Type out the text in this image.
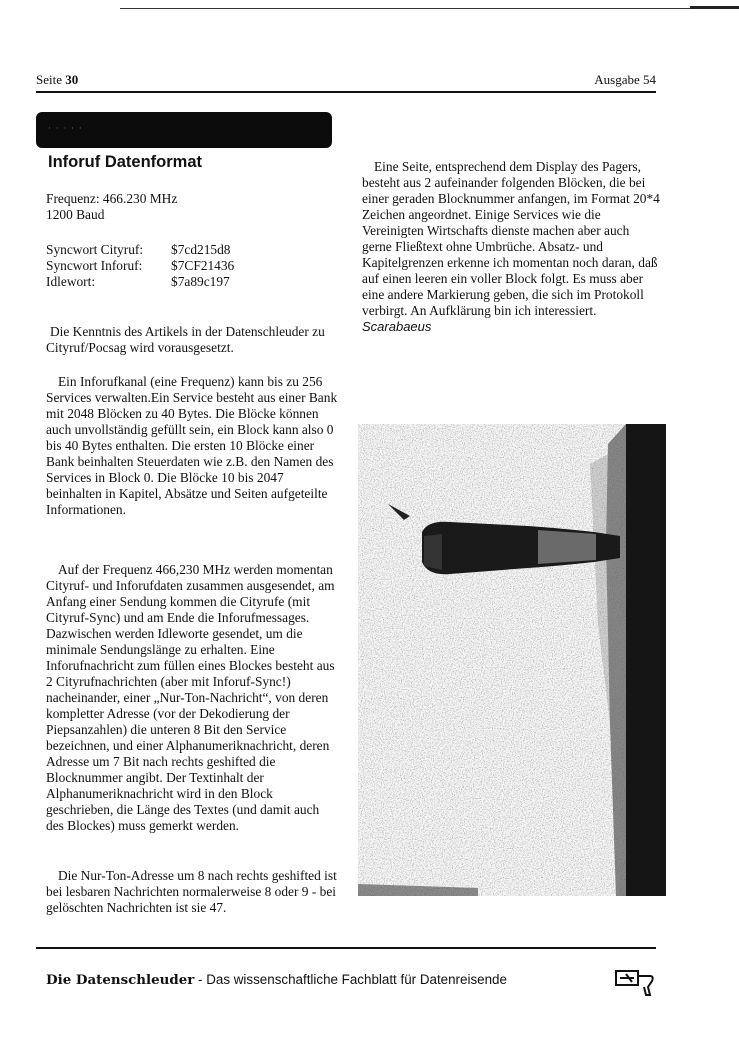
Seite 30	Ausgabe 54
· · · · ·
Inforuf Datenformat

Frequenz: 466.230 MHz

1200 Baud

Syncwort Cityruf:	$7cd215d8
Syncwort Inforuf:	$7CF21436
Idlewort:	$7a89c197

Die Kenntnis des Artikels in der Datenschleuder zu Cityruf/Pocsag wird vorausgesetzt.

Ein Inforufkanal (eine Frequenz) kann bis zu 256 Services verwalten.Ein Service besteht aus einer Bank mit 2048 Blöcken zu 40 Bytes. Die Blöcke können auch unvollständig gefüllt sein, ein Block kann also 0 bis 40 Bytes enthalten. Die ersten 10 Blöcke einer Bank beinhalten Steuerdaten wie z.B. den Namen des Services in Block 0. Die Blöcke 10 bis 2047 beinhalten in Kapitel, Absätze und Seiten aufgeteilte Informationen.

Auf der Frequenz 466,230 MHz werden momentan Cityruf- und Inforufdaten zusammen ausgesendet, am Anfang einer Sendung kommen die Cityrufe (mit Cityruf-Sync) und am Ende die Inforufmessages. Dazwischen werden Idleworte gesendet, um die minimale Sendungslänge zu erhalten. Eine Inforufnachricht zum füllen eines Blockes besteht aus 2 Cityrufnachrichten (aber mit Inforuf-Sync!) nacheinander, einer „Nur-Ton-Nachricht“, von deren kompletter Adresse (vor der Dekodierung der Piepsanzahlen) die unteren 8 Bit den Service bezeichnen, und einer Alphanumeriknachricht, deren Adresse um 7 Bit nach rechts geshifted die Blocknummer angibt. Der Textinhalt der Alphanumeriknachricht wird in den Block geschrieben, die Länge des Textes (und damit auch des Blockes) muss gemerkt werden.

Die Nur-Ton-Adresse um 8 nach rechts geshifted ist bei lesbaren Nachrichten normalerweise 8 oder 9 - bei gelöschten Nachrichten ist sie 47.

Eine Seite, entsprechend dem Display des Pagers, besteht aus 2 aufeinander folgenden Blöcken, die bei einer geraden Blocknummer anfangen, im Format 20*4 Zeichen angeordnet. Einige Services wie die Vereinigten Wirtschafts dienste machen aber auch gerne Fließtext ohne Umbrüche. Absatz- und Kapitelgrenzen erkenne ich momentan noch daran, daß auf einen leeren ein voller Block folgt. Es muss aber eine andere Markierung geben, die sich im Protokoll verbirgt. An Aufklärung bin ich interessiert.

Scarabaeus

Die Datenschleuder - Das wissenschaftliche Fachblatt für Datenreisende
